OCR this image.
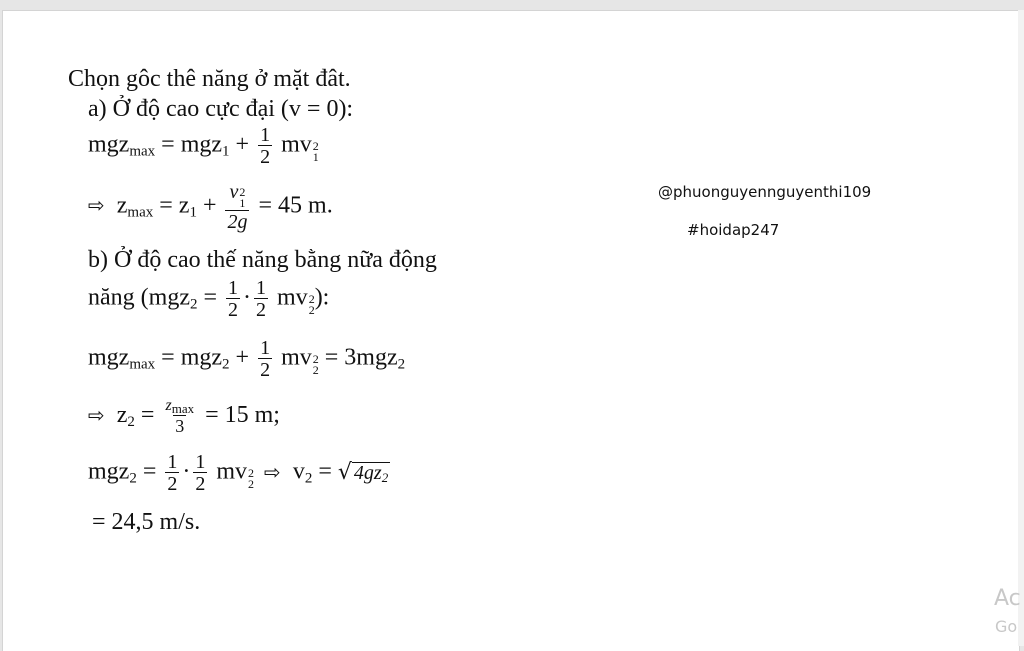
Chọn gôc thê năng ở mặt đât.
a) Ở độ cao cực đại (v = 0):
$mgz_{max} = mgz_1 + \frac{1}{2}$ mv 2
1
⇨ $z_{max} = z_1 + v$ 2
1
2g = 45 m.
b) Ở độ cao thế năng bằng nữa động
năng ($mgz_2 = \frac{1}{2} \cdot \frac{1}{2}$ mv 2
2 ):
$mgz_{max} = mgz_2 + \frac{1}{2}$ mv 2
2 = 3mgz$_2$
⇨ $z_2 = \frac{zmax}{3} = 15$ m;
$mgz_2 = \frac{1}{2} \cdot \frac{1}{2}$ mv 2
2
⇨ $v_2$ = √ 4gz2
= 24,5 m/s.
@phuonguyennguyenthi109
#hoidap247
Ac
Go
